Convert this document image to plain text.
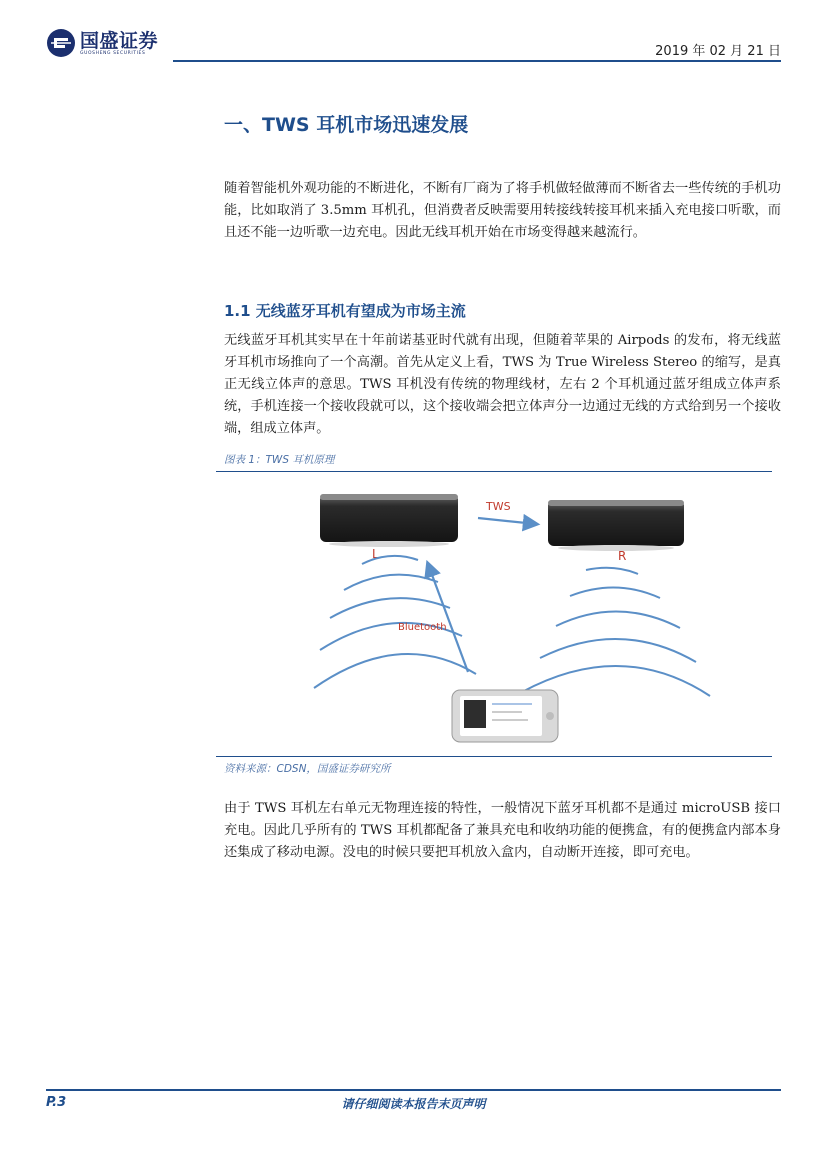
国盛证券
GUOSHENG SECURITIES	2019 年 02 月 21 日
一、TWS 耳机市场迅速发展
随着智能机外观功能的不断进化，不断有厂商为了将手机做轻做薄而不断省去一些传统的手机功能，比如取消了 3.5mm 耳机孔，但消费者反映需要用转接线转接耳机来插入充电接口听歌，而且还不能一边听歌一边充电。因此无线耳机开始在市场变得越来越流行。
1.1 无线蓝牙耳机有望成为市场主流
无线蓝牙耳机其实早在十年前诺基亚时代就有出现，但随着苹果的 Airpods 的发布，将无线蓝牙耳机市场推向了一个高潮。首先从定义上看，TWS 为 True Wireless Stereo 的缩写，是真正无线立体声的意思。TWS 耳机没有传统的物理线材，左右 2 个耳机通过蓝牙组成立体声系统，手机连接一个接收段就可以，这个接收端会把立体声分一边通过无线的方式给到另一个接收端，组成立体声。
图表 1：TWS 耳机原理
TWS
L	R
Bluetooth
资料来源：CDSN，国盛证券研究所
由于 TWS 耳机左右单元无物理连接的特性，一般情况下蓝牙耳机都不是通过 microUSB 接口充电。因此几乎所有的 TWS 耳机都配备了兼具充电和收纳功能的便携盒，有的便携盒内部本身还集成了移动电源。没电的时候只要把耳机放入盒内，自动断开连接，即可充电。
P.3	请仔细阅读本报告末页声明
